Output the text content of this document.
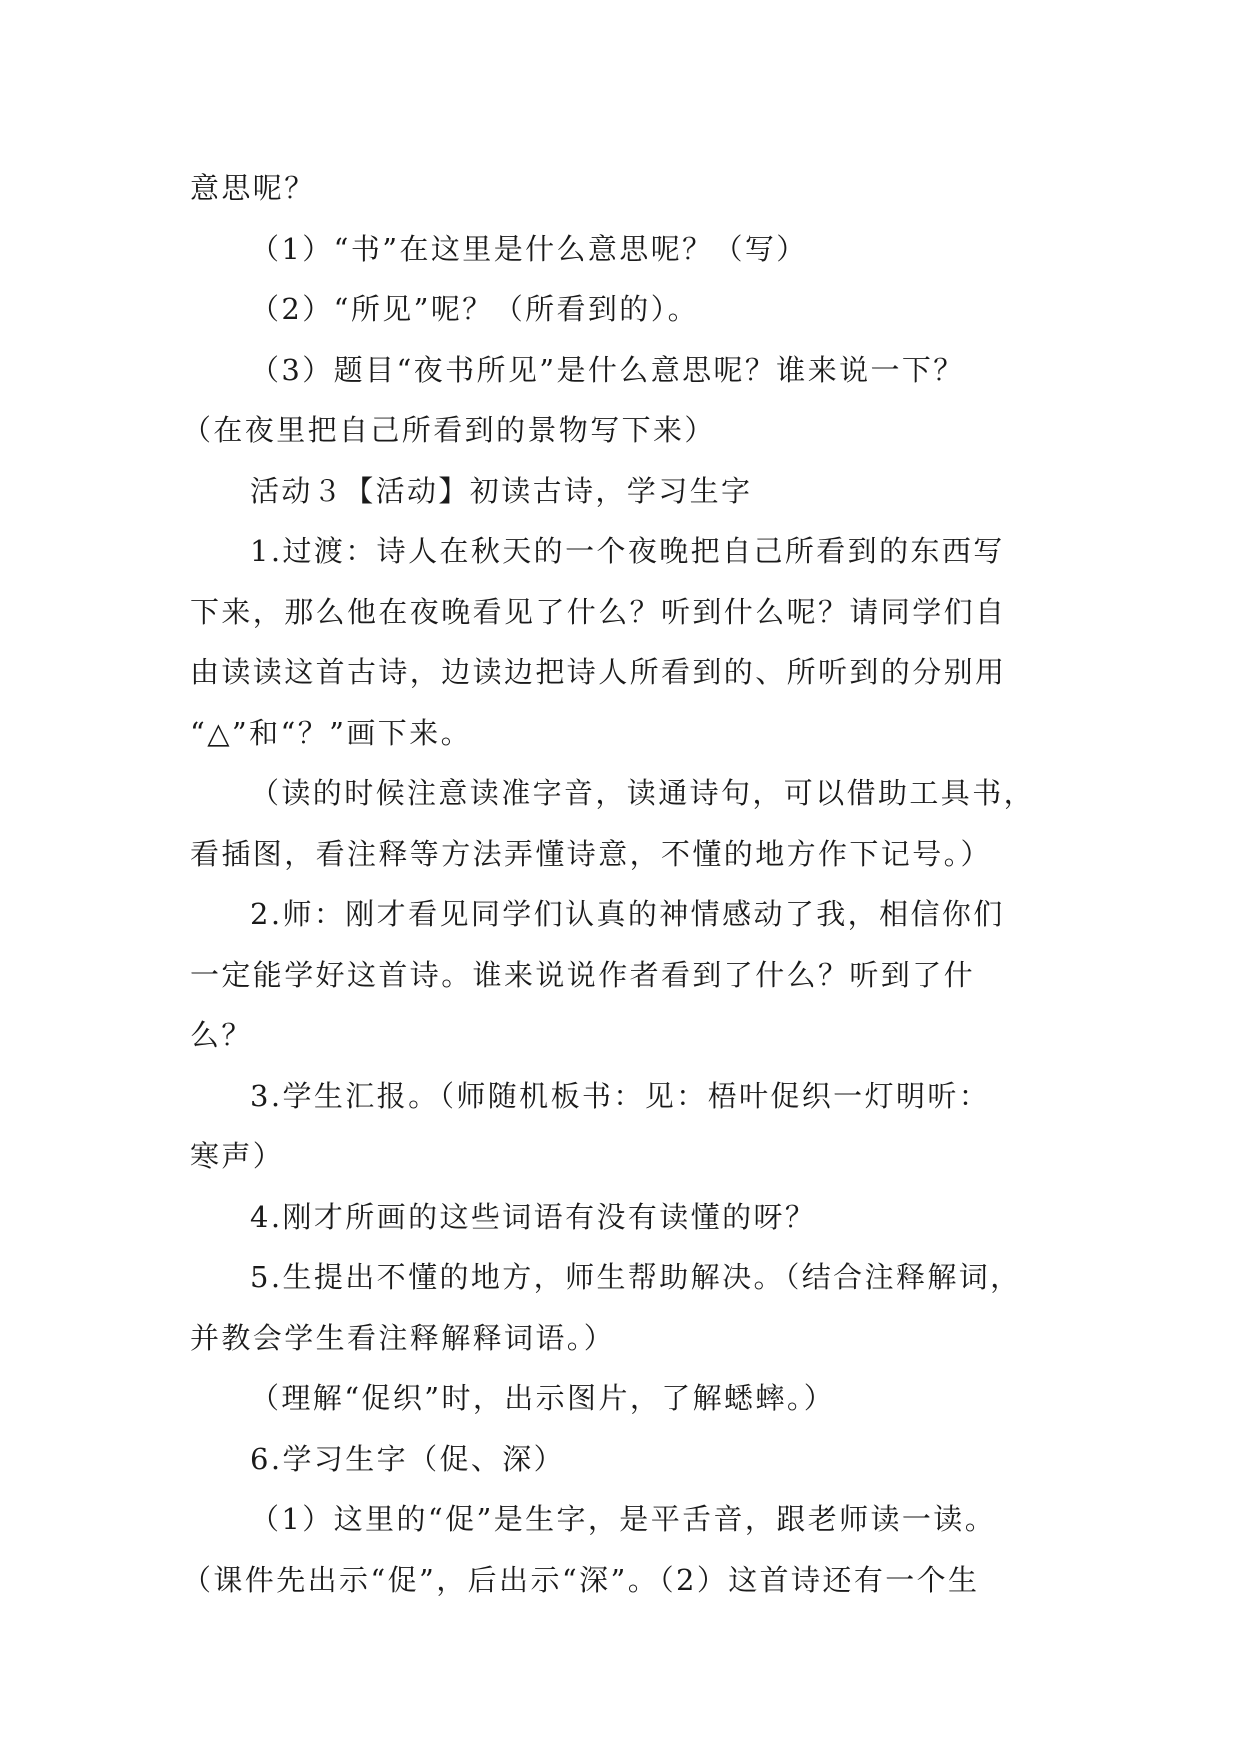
意思呢？
（1）“书”在这里是什么意思呢？（写）
（2）“所见”呢？（所看到的）。
（3）题目“夜书所见”是什么意思呢？谁来说一下？
（在夜里把自己所看到的景物写下来）
活动３【活动】初读古诗，学习生字
1.过渡：诗人在秋天的一个夜晚把自己所看到的东西写
下来，那么他在夜晚看见了什么？听到什么呢？请同学们自
由读读这首古诗，边读边把诗人所看到的、所听到的分别用
“△”和“？”画下来。
（读的时候注意读准字音，读通诗句，可以借助工具书，
看插图，看注释等方法弄懂诗意，不懂的地方作下记号。）
2.师：刚才看见同学们认真的神情感动了我，相信你们
一定能学好这首诗。谁来说说作者看到了什么？听到了什
么？
3.学生汇报。（师随机板书：见：梧叶促织一灯明听：
寒声）
4.刚才所画的这些词语有没有读懂的呀？
5.生提出不懂的地方，师生帮助解决。（结合注释解词，
并教会学生看注释解释词语。）
（理解“促织”时，出示图片，了解蟋蟀。）
6.学习生字（促、深）
（1）这里的“促”是生字，是平舌音，跟老师读一读。
（课件先出示“促”，后出示“深”。（2）这首诗还有一个生
